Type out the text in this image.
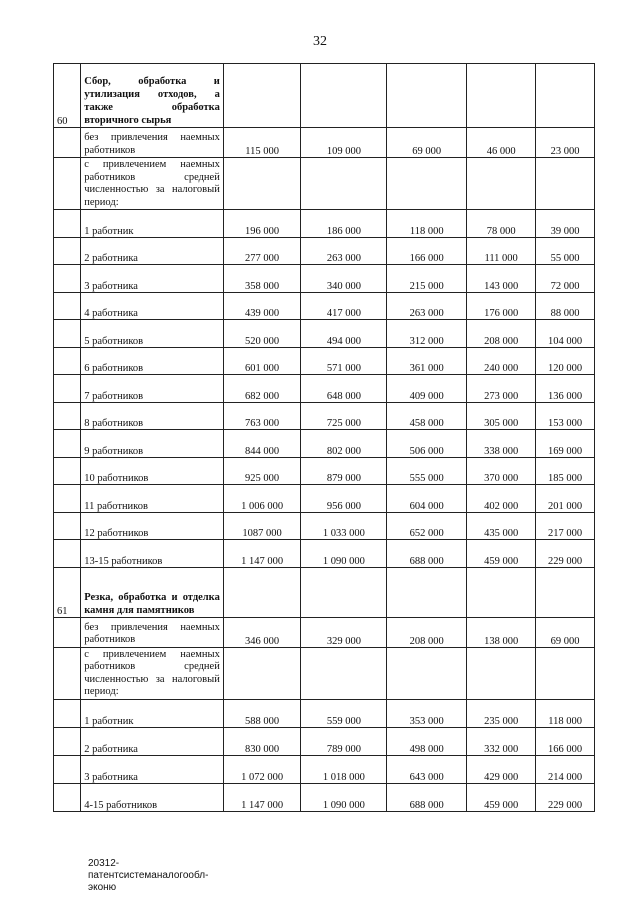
32
60	Сбор, обработка и утилизация отходов, а также обработка вторичного сырья					
	без привлечения наемных работников	115 000	109 000	69 000	46 000	23 000
	с привлечением наемных работников средней численностью за налоговый период:					
	1 работник	196 000	186 000	118 000	78 000	39 000
	2 работника	277 000	263 000	166 000	111 000	55 000
	3 работника	358 000	340 000	215 000	143 000	72 000
	4 работника	439 000	417 000	263 000	176 000	88 000
	5 работников	520 000	494 000	312 000	208 000	104 000
	6 работников	601 000	571 000	361 000	240 000	120 000
	7 работников	682 000	648 000	409 000	273 000	136 000
	8 работников	763 000	725 000	458 000	305 000	153 000
	9 работников	844 000	802 000	506 000	338 000	169 000
	10 работников	925 000	879 000	555 000	370 000	185 000
	11 работников	1 006 000	956 000	604 000	402 000	201 000
	12 работников	1087 000	1 033 000	652 000	435 000	217 000
	13-15 работников	1 147 000	1 090 000	688 000	459 000	229 000
61	Резка, обработка и отделка камня для памятников					
	без привлечения наемных работников	346 000	329 000	208 000	138 000	69 000
	с привлечением наемных работников средней численностью за налоговый период:					
	1 работник	588 000	559 000	353 000	235 000	118 000
	2 работника	830 000	789 000	498 000	332 000	166 000
	3 работника	1 072 000	1 018 000	643 000	429 000	214 000
	4-15 работников	1 147 000	1 090 000	688 000	459 000	229 000
20312-патентсистеманалогообл-эконю
